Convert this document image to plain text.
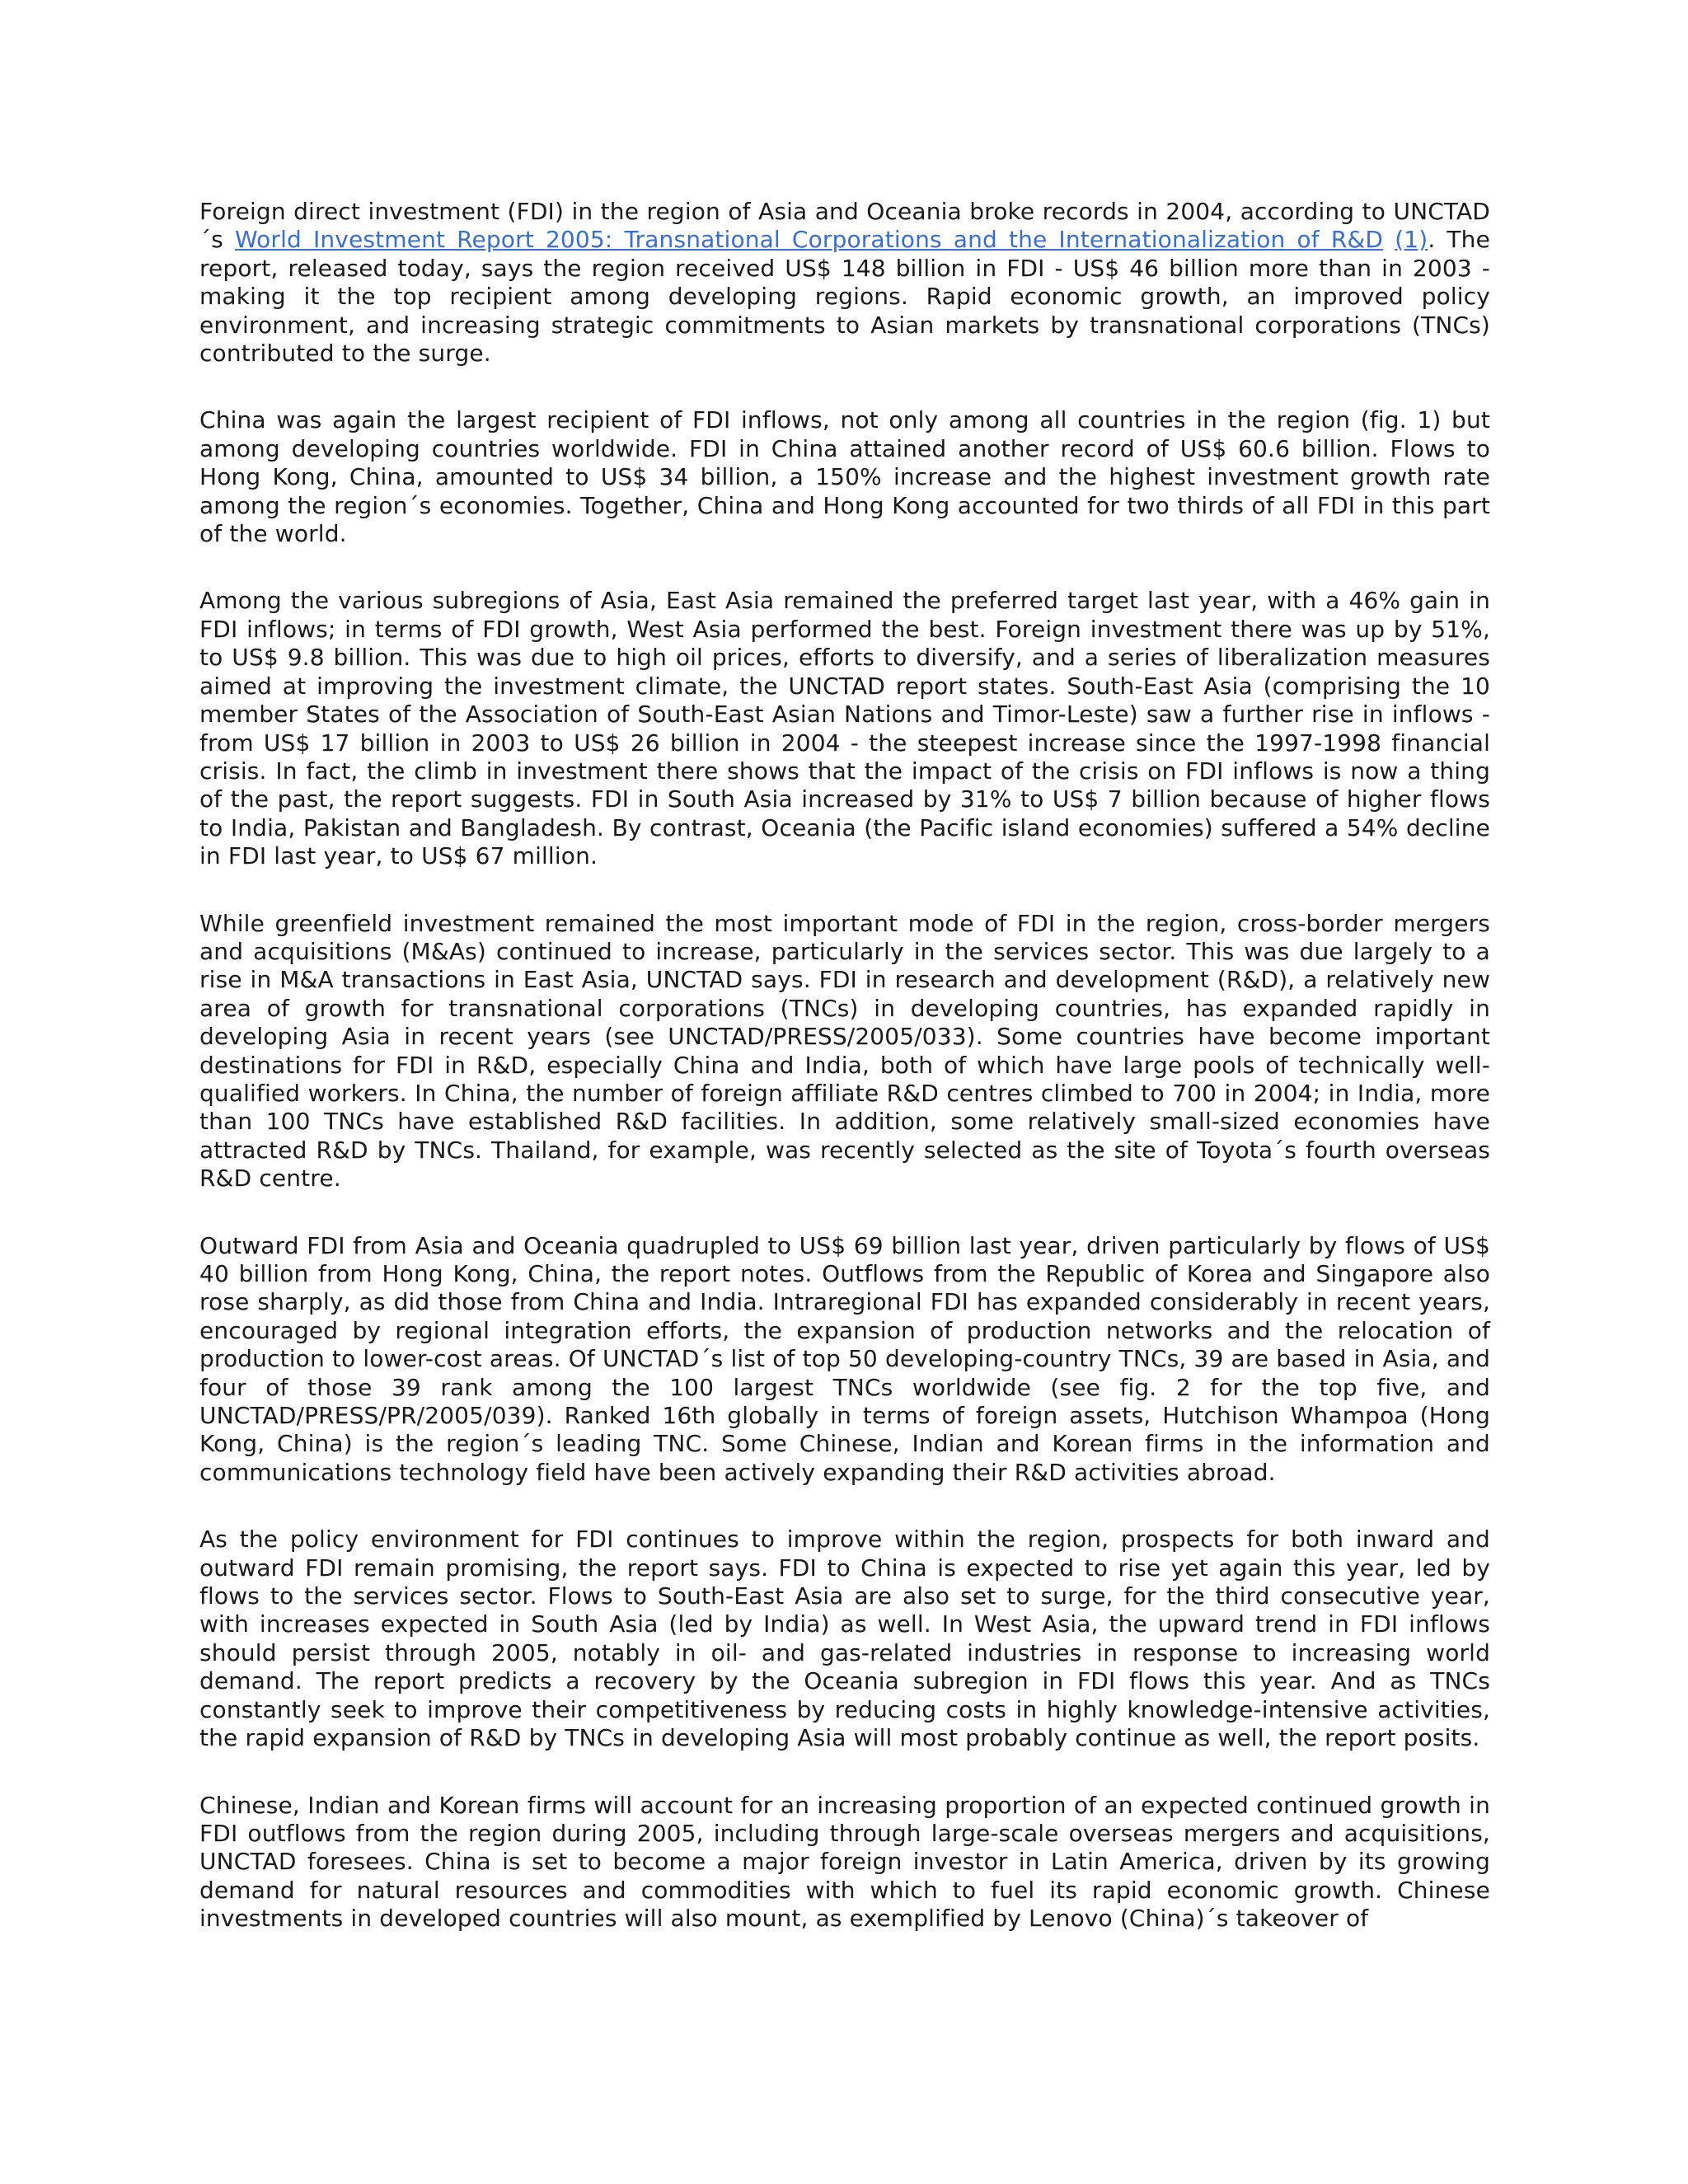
Foreign direct investment (FDI) in the region of Asia and Oceania broke records in 2004, according to UNCTAD´s World Investment Report 2005: Transnational Corporations and the Internationalization of R&D (1). The report, released today, says the region received US$ 148 billion in FDI - US$ 46 billion more than in 2003 - making it the top recipient among developing regions. Rapid economic growth, an improved policy environment, and increasing strategic commitments to Asian markets by transnational corporations (TNCs) contributed to the surge.

China was again the largest recipient of FDI inflows, not only among all countries in the region (fig. 1) but among developing countries worldwide. FDI in China attained another record of US$ 60.6 billion. Flows to Hong Kong, China, amounted to US$ 34 billion, a 150% increase and the highest investment growth rate among the region´s economies. Together, China and Hong Kong accounted for two thirds of all FDI in this part of the world.

Among the various subregions of Asia, East Asia remained the preferred target last year, with a 46% gain in FDI inflows; in terms of FDI growth, West Asia performed the best. Foreign investment there was up by 51%, to US$ 9.8 billion. This was due to high oil prices, efforts to diversify, and a series of liberalization measures aimed at improving the investment climate, the UNCTAD report states. South-East Asia (comprising the 10 member States of the Association of South-East Asian Nations and Timor-Leste) saw a further rise in inflows - from US$ 17 billion in 2003 to US$ 26 billion in 2004 - the steepest increase since the 1997-1998 financial crisis. In fact, the climb in investment there shows that the impact of the crisis on FDI inflows is now a thing of the past, the report suggests. FDI in South Asia increased by 31% to US$ 7 billion because of higher flows to India, Pakistan and Bangladesh. By contrast, Oceania (the Pacific island economies) suffered a 54% decline in FDI last year, to US$ 67 million.

While greenfield investment remained the most important mode of FDI in the region, cross-border mergers and acquisitions (M&As) continued to increase, particularly in the services sector. This was due largely to a rise in M&A transactions in East Asia, UNCTAD says. FDI in research and development (R&D), a relatively new area of growth for transnational corporations (TNCs) in developing countries, has expanded rapidly in developing Asia in recent years (see UNCTAD/PRESS/2005/033). Some countries have become important destinations for FDI in R&D, especially China and India, both of which have large pools of technically well-qualified workers. In China, the number of foreign affiliate R&D centres climbed to 700 in 2004; in India, more than 100 TNCs have established R&D facilities. In addition, some relatively small-sized economies have attracted R&D by TNCs. Thailand, for example, was recently selected as the site of Toyota´s fourth overseas R&D centre.

Outward FDI from Asia and Oceania quadrupled to US$ 69 billion last year, driven particularly by flows of US$ 40 billion from Hong Kong, China, the report notes. Outflows from the Republic of Korea and Singapore also rose sharply, as did those from China and India. Intraregional FDI has expanded considerably in recent years, encouraged by regional integration efforts, the expansion of production networks and the relocation of production to lower-cost areas. Of UNCTAD´s list of top 50 developing-country TNCs, 39 are based in Asia, and four of those 39 rank among the 100 largest TNCs worldwide (see fig. 2 for the top five, and UNCTAD/PRESS/PR/2005/039). Ranked 16th globally in terms of foreign assets, Hutchison Whampoa (Hong Kong, China) is the region´s leading TNC. Some Chinese, Indian and Korean firms in the information and communications technology field have been actively expanding their R&D activities abroad.

As the policy environment for FDI continues to improve within the region, prospects for both inward and outward FDI remain promising, the report says. FDI to China is expected to rise yet again this year, led by flows to the services sector. Flows to South-East Asia are also set to surge, for the third consecutive year, with increases expected in South Asia (led by India) as well. In West Asia, the upward trend in FDI inflows should persist through 2005, notably in oil- and gas-related industries in response to increasing world demand. The report predicts a recovery by the Oceania subregion in FDI flows this year. And as TNCs constantly seek to improve their competitiveness by reducing costs in highly knowledge-intensive activities, the rapid expansion of R&D by TNCs in developing Asia will most probably continue as well, the report posits.

Chinese, Indian and Korean firms will account for an increasing proportion of an expected continued growth in FDI outflows from the region during 2005, including through large-scale overseas mergers and acquisitions, UNCTAD foresees. China is set to become a major foreign investor in Latin America, driven by its growing demand for natural resources and commodities with which to fuel its rapid economic growth. Chinese investments in developed countries will also mount, as exemplified by Lenovo (China)´s takeover of
